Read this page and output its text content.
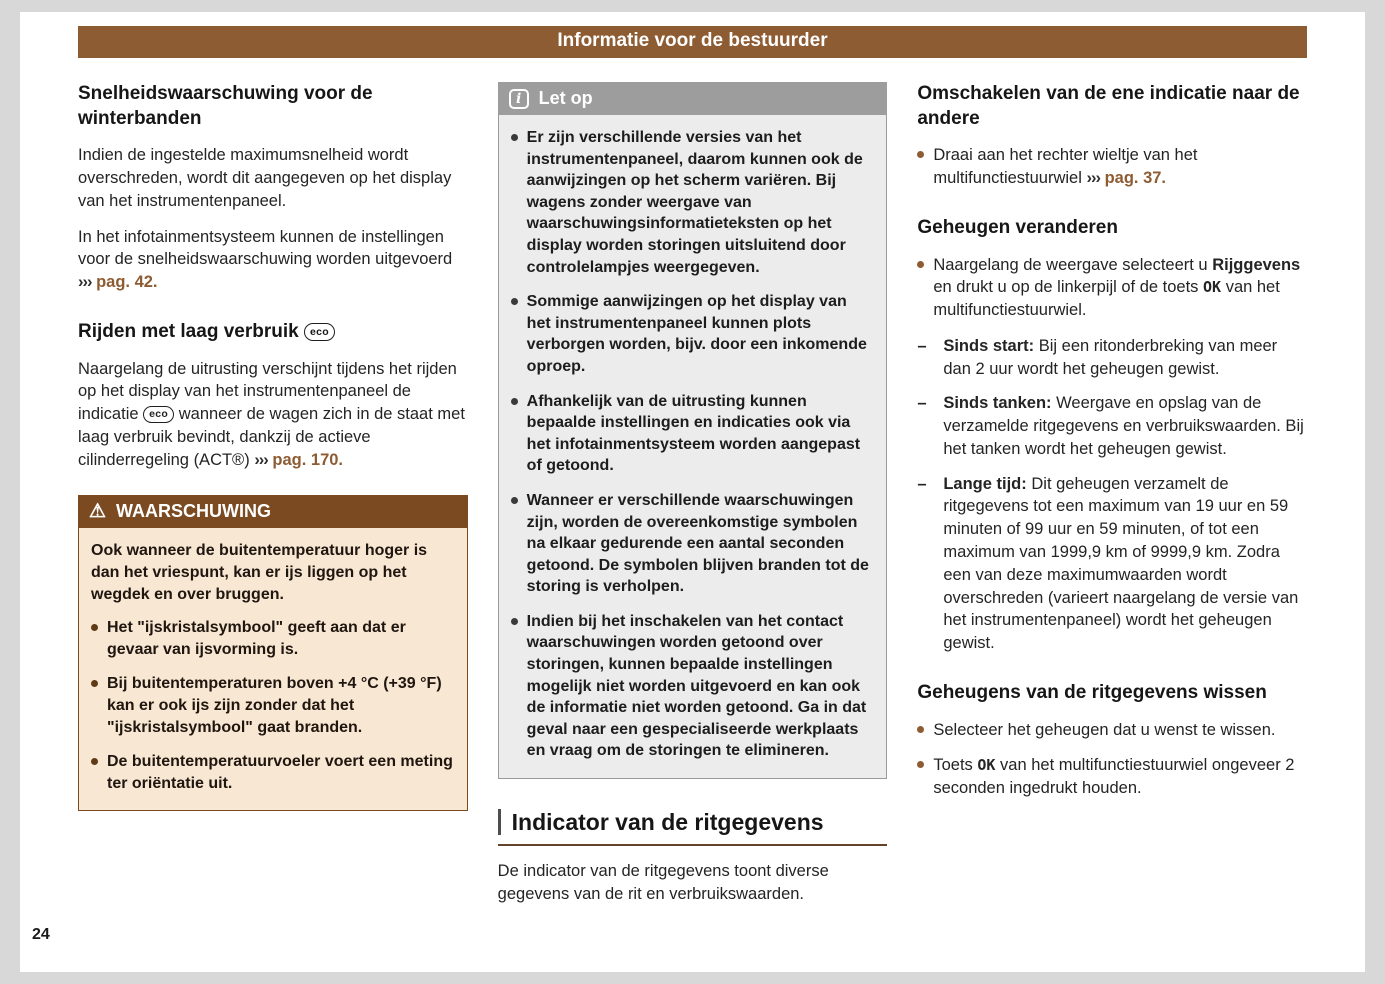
Informatie voor de bestuurder
Snelheidswaarschuwing voor de winterbanden

Indien de ingestelde maximumsnelheid wordt overschreden, wordt dit aangegeven op het display van het instrumentenpaneel.

In het infotainmentsysteem kunnen de instellingen voor de snelheidswaarschuwing worden uitgevoerd ››› pag. 42.

Rijden met laag verbruik eco

Naargelang de uitrusting verschijnt tijdens het rijden op het display van het instrumentenpaneel de indicatie eco wanneer de wagen zich in de staat met laag verbruik bevindt, dankzij de actieve cilinderregeling (ACT®) ››› pag. 170.

⚠ WAARSCHUWING

Ook wanneer de buitentemperatuur hoger is dan het vriespunt, kan er ijs liggen op het wegdek en over bruggen.

Het "ijskristalsymbool" geeft aan dat er gevaar van ijsvorming is.
Bij buitentemperaturen boven +4 °C (+39 °F) kan er ook ijs zijn zonder dat het "ijskristalsymbool" gaat branden.
De buitentemperatuurvoeler voert een meting ter oriëntatie uit.
i Let op
Er zijn verschillende versies van het instrumentenpaneel, daarom kunnen ook de aanwijzingen op het scherm variëren. Bij wagens zonder weergave van waarschuwingsinformatieteksten op het display worden storingen uitsluitend door controlelampjes weergegeven.
Sommige aanwijzingen op het display van het instrumentenpaneel kunnen plots verborgen worden, bijv. door een inkomende oproep.
Afhankelijk van de uitrusting kunnen bepaalde instellingen en indicaties ook via het infotainmentsysteem worden aangepast of getoond.
Wanneer er verschillende waarschuwingen zijn, worden de overeenkomstige symbolen na elkaar gedurende een aantal seconden getoond. De symbolen blijven branden tot de storing is verholpen.
Indien bij het inschakelen van het contact waarschuwingen worden getoond over storingen, kunnen bepaalde instellingen mogelijk niet worden uitgevoerd en kan ook de informatie niet worden getoond. Ga in dat geval naar een gespecialiseerde werkplaats en vraag om de storingen te elimineren.
Indicator van de ritgegevens

De indicator van de ritgegevens toont diverse gegevens van de rit en verbruikswaarden.

Omschakelen van de ene indicatie naar de andere
Draai aan het rechter wieltje van het multifunctiestuurwiel ››› pag. 37.
Geheugen veranderen
Naargelang de weergave selecteert u Rijggevens en drukt u op de linkerpijl of de toets OK van het multifunctiestuurwiel.
–	Sinds start: Bij een ritonderbreking van meer dan 2 uur wordt het geheugen gewist.
–	Sinds tanken: Weergave en opslag van de verzamelde ritgegevens en verbruikswaarden. Bij het tanken wordt het geheugen gewist.
–	Lange tijd: Dit geheugen verzamelt de ritgegevens tot een maximum van 19 uur en 59 minuten of 99 uur en 59 minuten, of tot een maximum van 1999,9 km of 9999,9 km. Zodra een van deze maximumwaarden wordt overschreden (varieert naargelang de versie van het instrumentenpaneel) wordt het geheugen gewist.
Geheugens van de ritgegevens wissen
Selecteer het geheugen dat u wenst te wissen.
Toets OK van het multifunctiestuurwiel ongeveer 2 seconden ingedrukt houden.
24
